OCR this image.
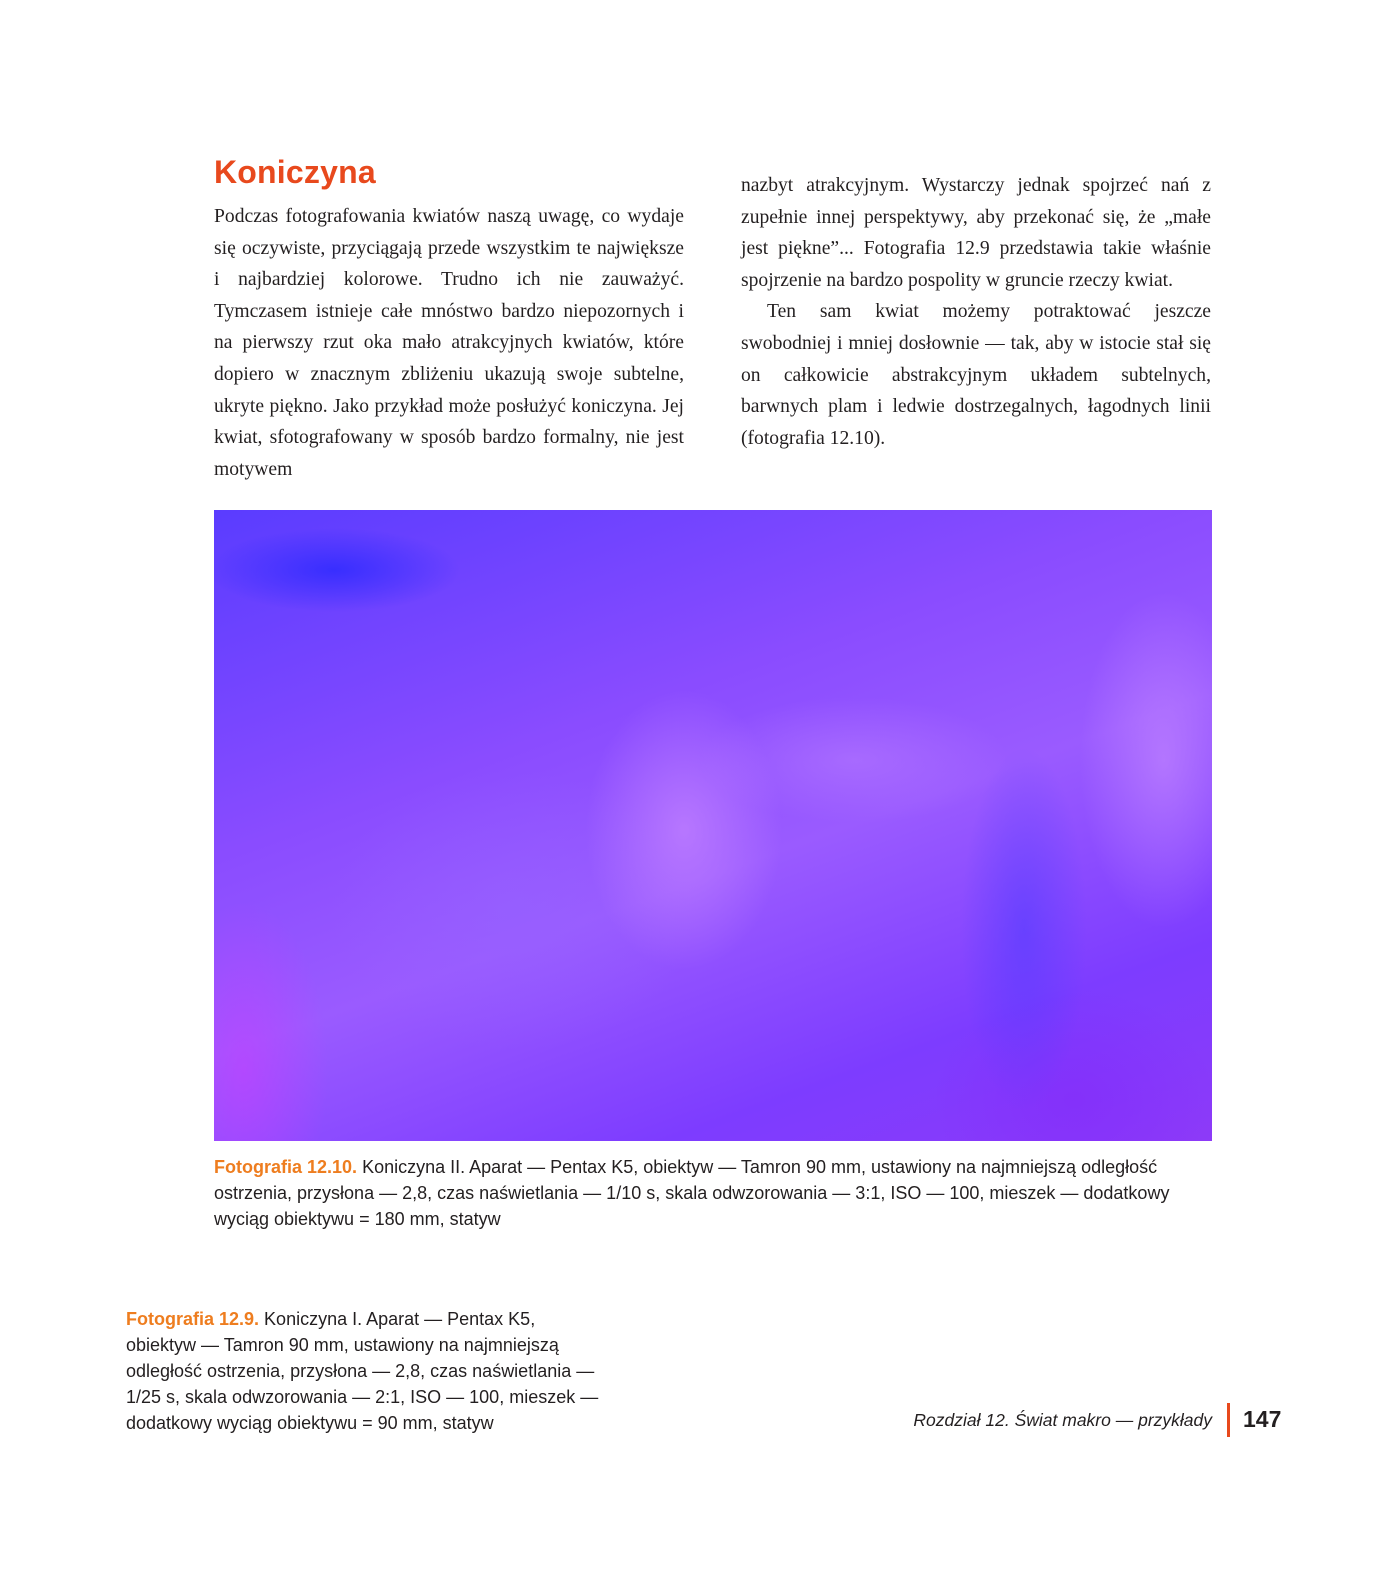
Koniczyna

Podczas fotografowania kwiatów naszą uwagę, co wydaje się oczywiste, przyciągają przede wszystkim te największe i najbardziej kolorowe. Trudno ich nie zauważyć. Tymczasem istnieje całe mnóstwo bardzo niepozornych i na pierwszy rzut oka mało atrakcyjnych kwiatów, które dopiero w znacznym zbliżeniu ukazują swoje subtelne, ukryte piękno. Jako przykład może posłużyć koniczyna. Jej kwiat, sfotografowany w sposób bardzo formalny, nie jest motywem

nazbyt atrakcyjnym. Wystarczy jednak spojrzeć nań z zupełnie innej perspektywy, aby przekonać się, że „małe jest piękne”... Fotografia 12.9 przedstawia takie właśnie spojrzenie na bardzo pospolity w gruncie rzeczy kwiat.

Ten sam kwiat możemy potraktować jeszcze swobodniej i mniej dosłownie — tak, aby w istocie stał się on całkowicie abstrakcyjnym układem subtelnych, barwnych plam i ledwie dostrzegalnych, łagodnych linii (fotografia 12.10).

Fotografia 12.10. Koniczyna II. Aparat — Pentax K5, obiektyw — Tamron 90 mm, ustawiony na najmniejszą odległość ostrzenia, przysłona — 2,8, czas naświetlania — 1/10 s, skala odwzorowania — 3:1, ISO — 100, mieszek — dodatkowy wyciąg obiektywu = 180 mm, statyw
Fotografia 12.9. Koniczyna I. Aparat — Pentax K5, obiektyw — Tamron 90 mm, ustawiony na najmniejszą odległość ostrzenia, przysłona — 2,8, czas naświetlania — 1/25 s, skala odwzorowania — 2:1, ISO — 100, mieszek — dodatkowy wyciąg obiektywu = 90 mm, statyw	Rozdział 12. Świat makro — przykłady 147
